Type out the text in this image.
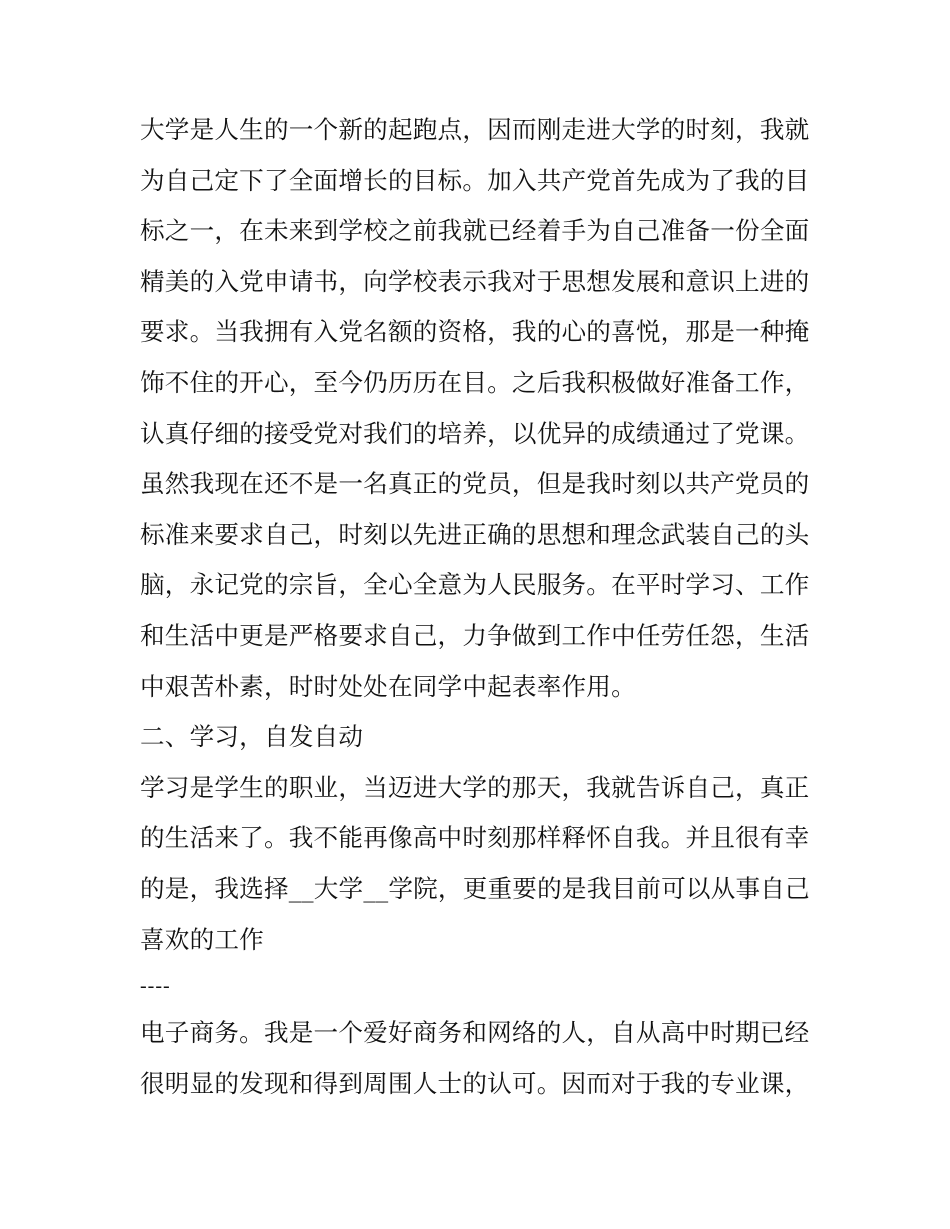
大学是人生的一个新的起跑点，因而刚走进大学的时刻，我就
为自己定下了全面增长的目标。加入共产党首先成为了我的目
标之一，在未来到学校之前我就已经着手为自己准备一份全面
精美的入党申请书，向学校表示我对于思想发展和意识上进的
要求。当我拥有入党名额的资格，我的心的喜悦，那是一种掩
饰不住的开心，至今仍历历在目。之后我积极做好准备工作，
认真仔细的接受党对我们的培养，以优异的成绩通过了党课。
虽然我现在还不是一名真正的党员，但是我时刻以共产党员的
标准来要求自己，时刻以先进正确的思想和理念武装自己的头
脑，永记党的宗旨，全心全意为人民服务。在平时学习、工作
和生活中更是严格要求自己，力争做到工作中任劳任怨，生活
中艰苦朴素，时时处处在同学中起表率作用。
二、学习，自发自动
学习是学生的职业，当迈进大学的那天，我就告诉自己，真正
的生活来了。我不能再像高中时刻那样释怀自我。并且很有幸
的是，我选择__大学__学院，更重要的是我目前可以从事自己
喜欢的工作
----
电子商务。我是一个爱好商务和网络的人，自从高中时期已经
很明显的发现和得到周围人士的认可。因而对于我的专业课，
